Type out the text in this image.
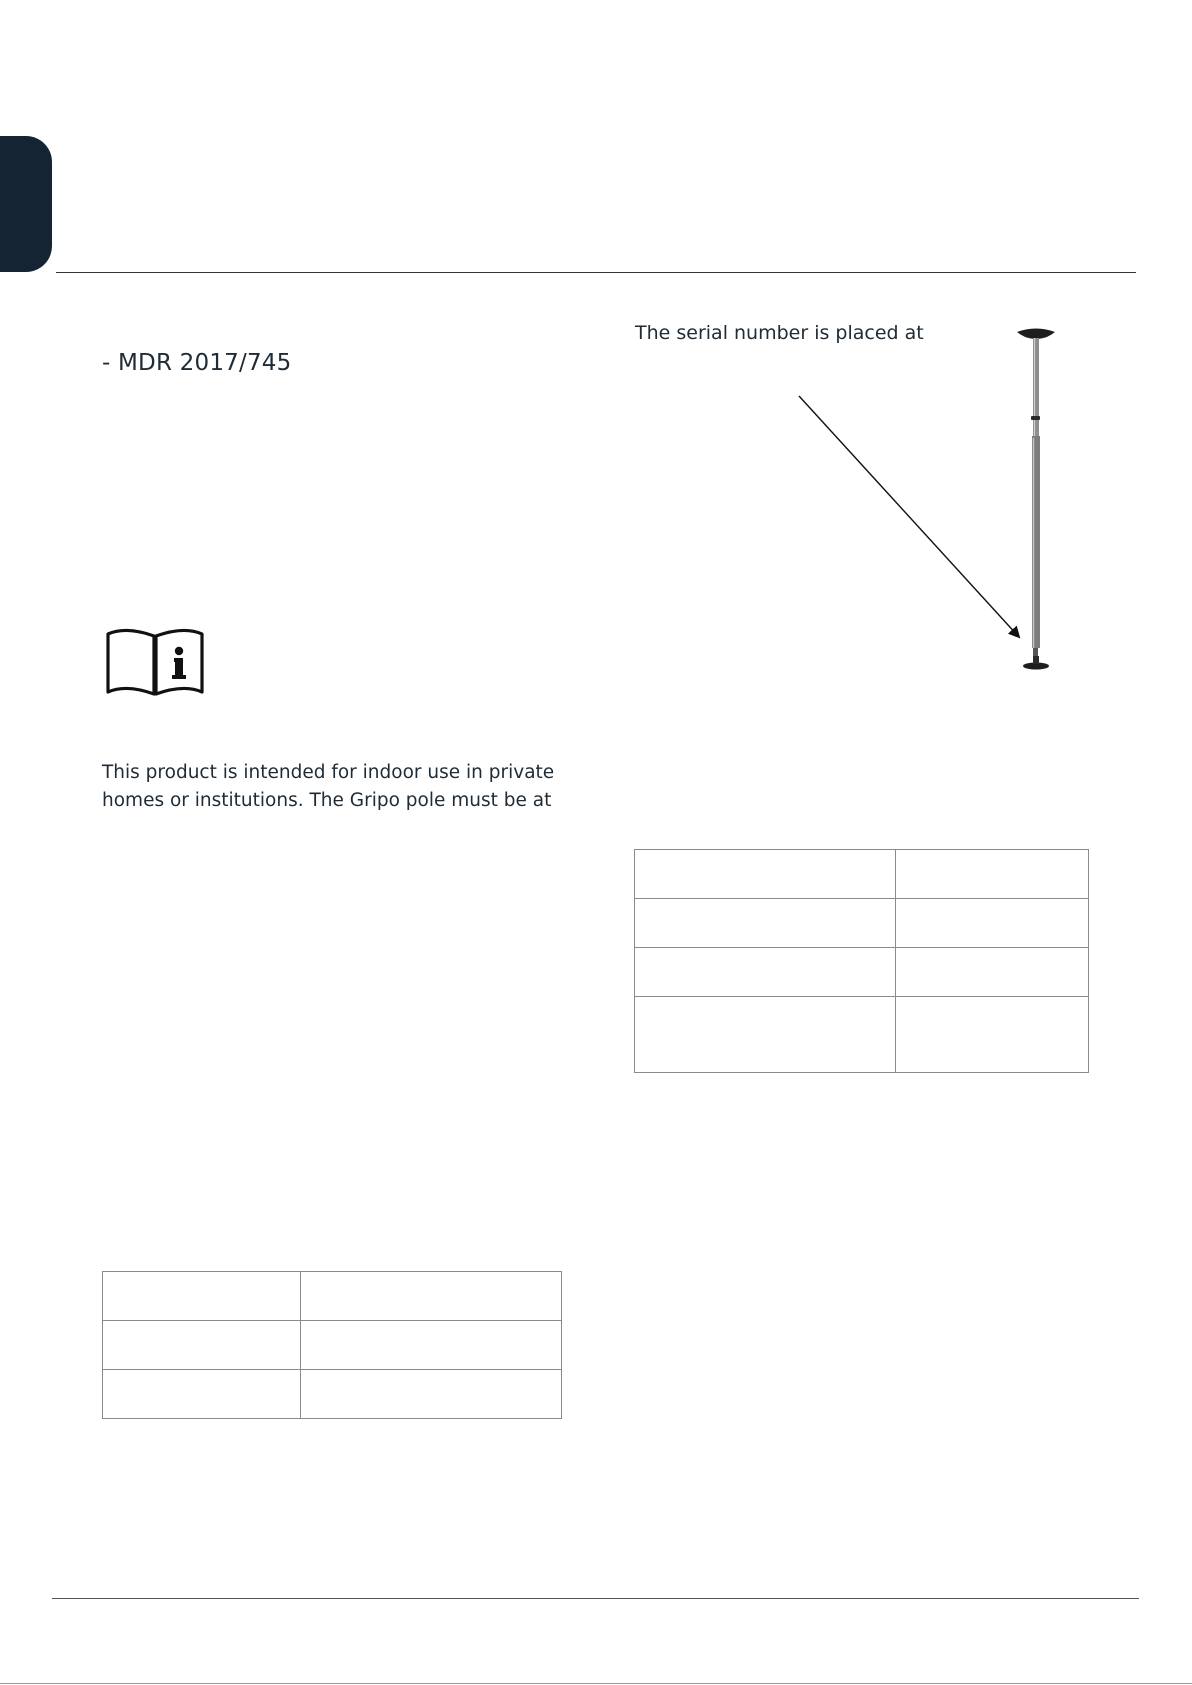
- MDR 2017/745

This product is intended for indoor use in private

homes or institutions. The Gripo pole must be at

The serial number is placed at
